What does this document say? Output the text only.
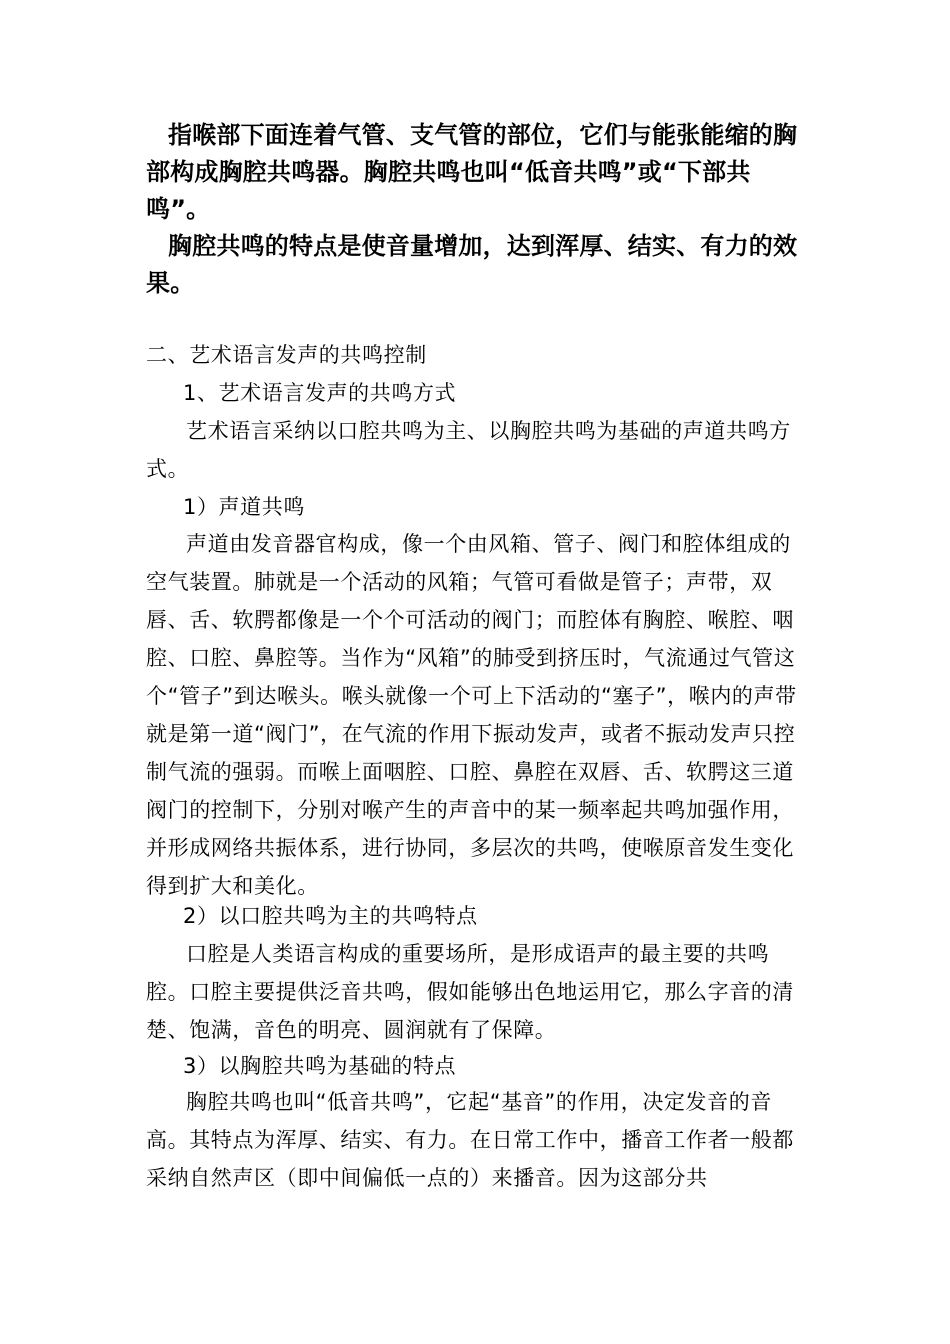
指喉部下面连着气管、支气管的部位，它们与能张能缩的胸部构成胸腔共鸣器。胸腔共鸣也叫“低音共鸣”或“下部共鸣”。

胸腔共鸣的特点是使音量增加，达到浑厚、结实、有力的效果。

二、艺术语言发声的共鸣控制

1、艺术语言发声的共鸣方式

艺术语言采纳以口腔共鸣为主、以胸腔共鸣为基础的声道共鸣方式。

1）声道共鸣

声道由发音器官构成，像一个由风箱、管子、阀门和腔体组成的空气装置。肺就是一个活动的风箱；气管可看做是管子；声带，双唇、舌、软腭都像是一个个可活动的阀门；而腔体有胸腔、喉腔、咽腔、口腔、鼻腔等。当作为“风箱”的肺受到挤压时，气流通过气管这个“管子”到达喉头。喉头就像一个可上下活动的“塞子”，喉内的声带就是第一道“阀门”，在气流的作用下振动发声，或者不振动发声只控制气流的强弱。而喉上面咽腔、口腔、鼻腔在双唇、舌、软腭这三道阀门的控制下，分别对喉产生的声音中的某一频率起共鸣加强作用，并形成网络共振体系，进行协同，多层次的共鸣，使喉原音发生变化得到扩大和美化。

2）以口腔共鸣为主的共鸣特点

口腔是人类语言构成的重要场所，是形成语声的最主要的共鸣腔。口腔主要提供泛音共鸣，假如能够出色地运用它，那么字音的清楚、饱满，音色的明亮、圆润就有了保障。

3）以胸腔共鸣为基础的特点

胸腔共鸣也叫“低音共鸣”，它起“基音”的作用，决定发音的音高。其特点为浑厚、结实、有力。在日常工作中，播音工作者一般都采纳自然声区（即中间偏低一点的）来播音。因为这部分共
